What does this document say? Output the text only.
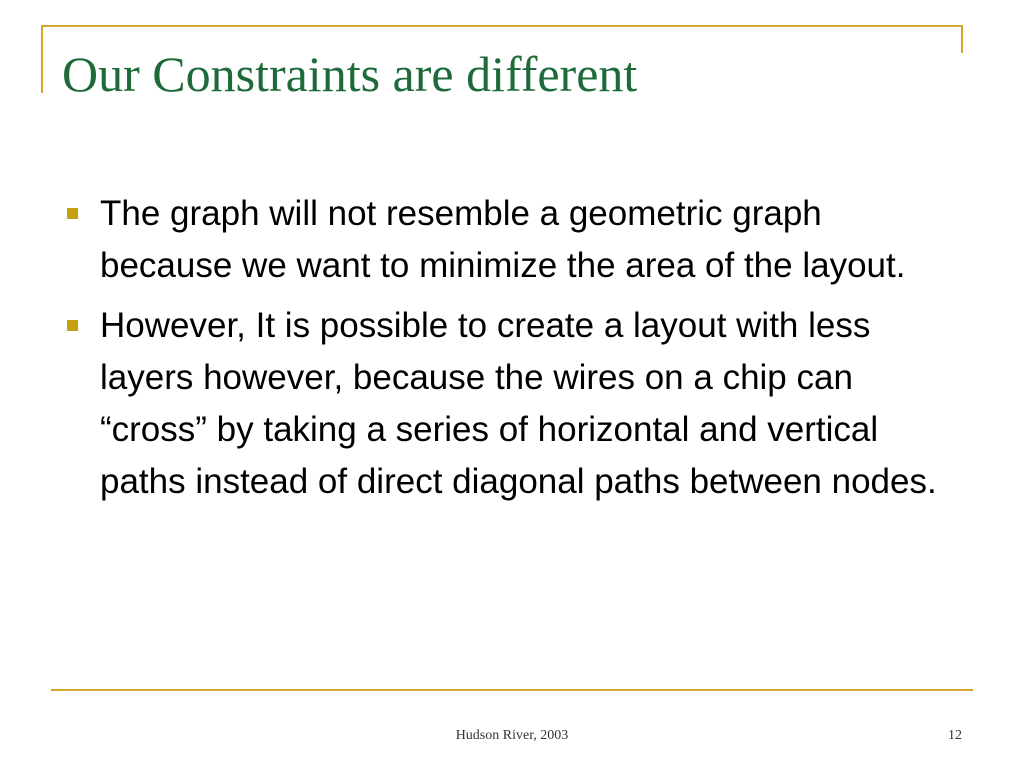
Our Constraints are different
The graph will not resemble a geometric graph because we want to minimize the area of the layout.
However, It is possible to create a layout with less layers however, because the wires on a chip can “cross” by taking a series of horizontal and vertical paths instead of direct diagonal paths between nodes.
Hudson River, 2003	12
